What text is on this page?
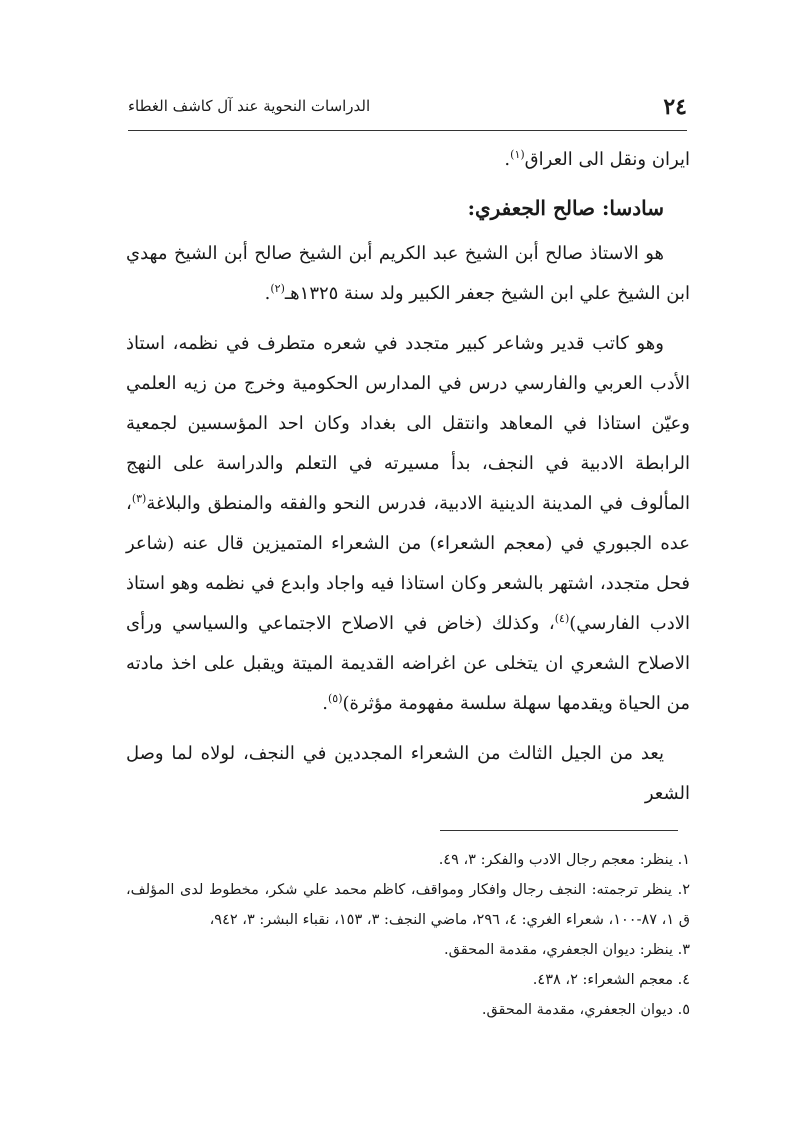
٢٤
الدراسات النحوية عند آل كاشف الغطاء

ايران ونقل الى العراق$^{(١)}$.

سادسا: صالح الجعفري:

هو الاستاذ صالح أبن الشيخ عبد الكريم أبن الشيخ صالح أبن الشيخ مهدي ابن الشيخ علي ابن الشيخ جعفر الكبير ولد سنة ١٣٢٥هـ$^{(٢)}$.

وهو كاتب قدير وشاعر كبير متجدد في شعره متطرف في نظمه، استاذ الأدب العربي والفارسي درس في المدارس الحكومية وخرج من زيه العلمي وعيّن استاذا في المعاهد وانتقل الى بغداد وكان احد المؤسسين لجمعية الرابطة الادبية في النجف، بدأ مسيرته في التعلم والدراسة على النهج المألوف في المدينة الدينية الادبية، فدرس النحو والفقه والمنطق والبلاغة$^{(٣)}$، عده الجبوري في (معجم الشعراء) من الشعراء المتميزين قال عنه (شاعر فحل متجدد، اشتهر بالشعر وكان استاذا فيه واجاد وابدع في نظمه وهو استاذ الادب الفارسي)$^{(٤)}$، وكذلك (خاض في الاصلاح الاجتماعي والسياسي ورأى الاصلاح الشعري ان يتخلى عن اغراضه القديمة الميتة ويقبل على اخذ مادته من الحياة ويقدمها سهلة سلسة مفهومة مؤثرة)$^{(٥)}$.

يعد من الجيل الثالث من الشعراء المجددين في النجف، لولاه لما وصل الشعر

١. ينظر: معجم رجال الادب والفكر: ٣، ٤٩.

٢. ينظر ترجمته: النجف رجال وافكار ومواقف، كاظم محمد علي شكر، مخطوط لدى المؤلف، ق ١، ٨٧-١٠٠، شعراء الغري: ٤، ٢٩٦، ماضي النجف: ٣، ١٥٣، نقباء البشر: ٣، ٩٤٢،

٣. ينظر: ديوان الجعفري، مقدمة المحقق.

٤. معجم الشعراء: ٢، ٤٣٨.

٥. ديوان الجعفري، مقدمة المحقق.
